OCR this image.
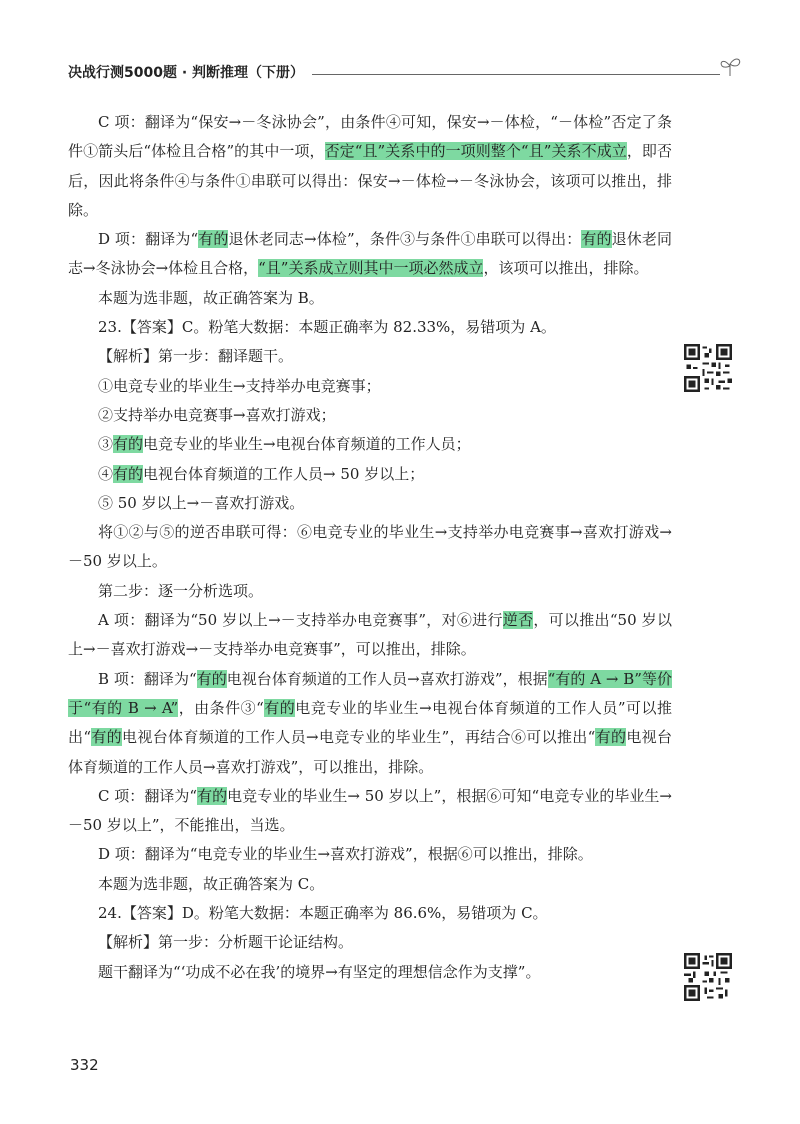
决战行测5000题 · 判断推理（下册）

C 项：翻译为“保安→－冬泳协会”，由条件④可知，保安→－体检，“－体检”否定了条件①箭头后“体检且合格”的其中一项，否定“且”关系中的一项则整个“且”关系不成立，即否后，因此将条件④与条件①串联可以得出：保安→－体检→－冬泳协会，该项可以推出，排除。

D 项：翻译为“有的退休老同志→体检”，条件③与条件①串联可以得出：有的退休老同志→冬泳协会→体检且合格，“且”关系成立则其中一项必然成立，该项可以推出，排除。

本题为选非题，故正确答案为 B。

23.【答案】C。粉笔大数据：本题正确率为 82.33%，易错项为 A。

【解析】第一步：翻译题干。

①电竞专业的毕业生→支持举办电竞赛事；

②支持举办电竞赛事→喜欢打游戏；

③有的电竞专业的毕业生→电视台体育频道的工作人员；

④有的电视台体育频道的工作人员→ 50 岁以上；

⑤ 50 岁以上→－喜欢打游戏。

将①②与⑤的逆否串联可得：⑥电竞专业的毕业生→支持举办电竞赛事→喜欢打游戏→－50 岁以上。

第二步：逐一分析选项。

A 项：翻译为“50 岁以上→－支持举办电竞赛事”，对⑥进行逆否，可以推出“50 岁以上→－喜欢打游戏→－支持举办电竞赛事”，可以推出，排除。

B 项：翻译为“有的电视台体育频道的工作人员→喜欢打游戏”，根据“有的 A → B”等价于“有的 B → A”，由条件③“有的电竞专业的毕业生→电视台体育频道的工作人员”可以推出“有的电视台体育频道的工作人员→电竞专业的毕业生”，再结合⑥可以推出“有的电视台体育频道的工作人员→喜欢打游戏”，可以推出，排除。

C 项：翻译为“有的电竞专业的毕业生→ 50 岁以上”，根据⑥可知“电竞专业的毕业生→－50 岁以上”，不能推出，当选。

D 项：翻译为“电竞专业的毕业生→喜欢打游戏”，根据⑥可以推出，排除。

本题为选非题，故正确答案为 C。

24.【答案】D。粉笔大数据：本题正确率为 86.6%，易错项为 C。

【解析】第一步：分析题干论证结构。

题干翻译为“‘功成不必在我’的境界→有坚定的理想信念作为支撑”。

332
